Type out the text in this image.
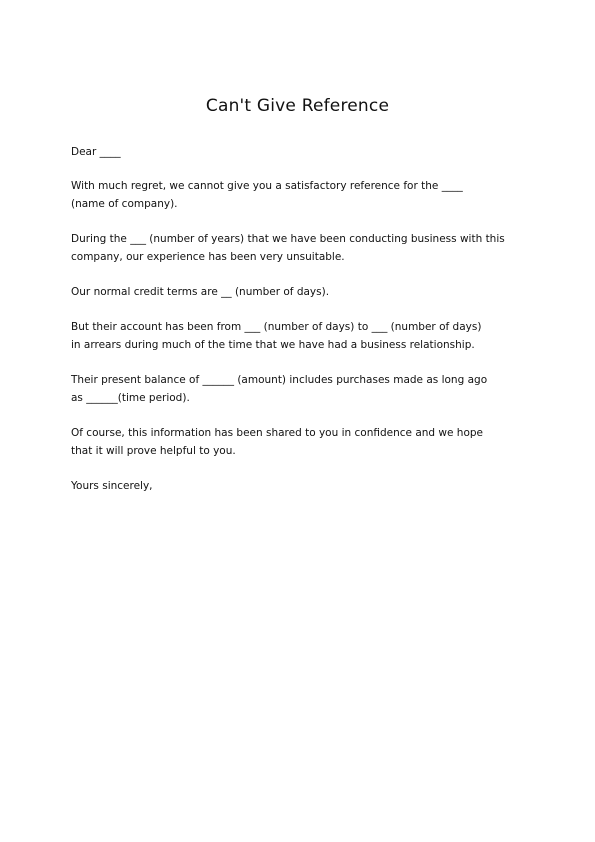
Can't Give Reference
Dear ____
With much regret, we cannot give you a satisfactory reference for the ____
(name of company).
During the ___ (number of years) that we have been conducting business with this
company, our experience has been very unsuitable.
Our normal credit terms are __ (number of days).
But their account has been from ___ (number of days) to ___ (number of days)
in arrears during much of the time that we have had a business relationship.
Their present balance of ______ (amount) includes purchases made as long ago
as ______(time period).
Of course, this information has been shared to you in confidence and we hope
that it will prove helpful to you.
Yours sincerely,
